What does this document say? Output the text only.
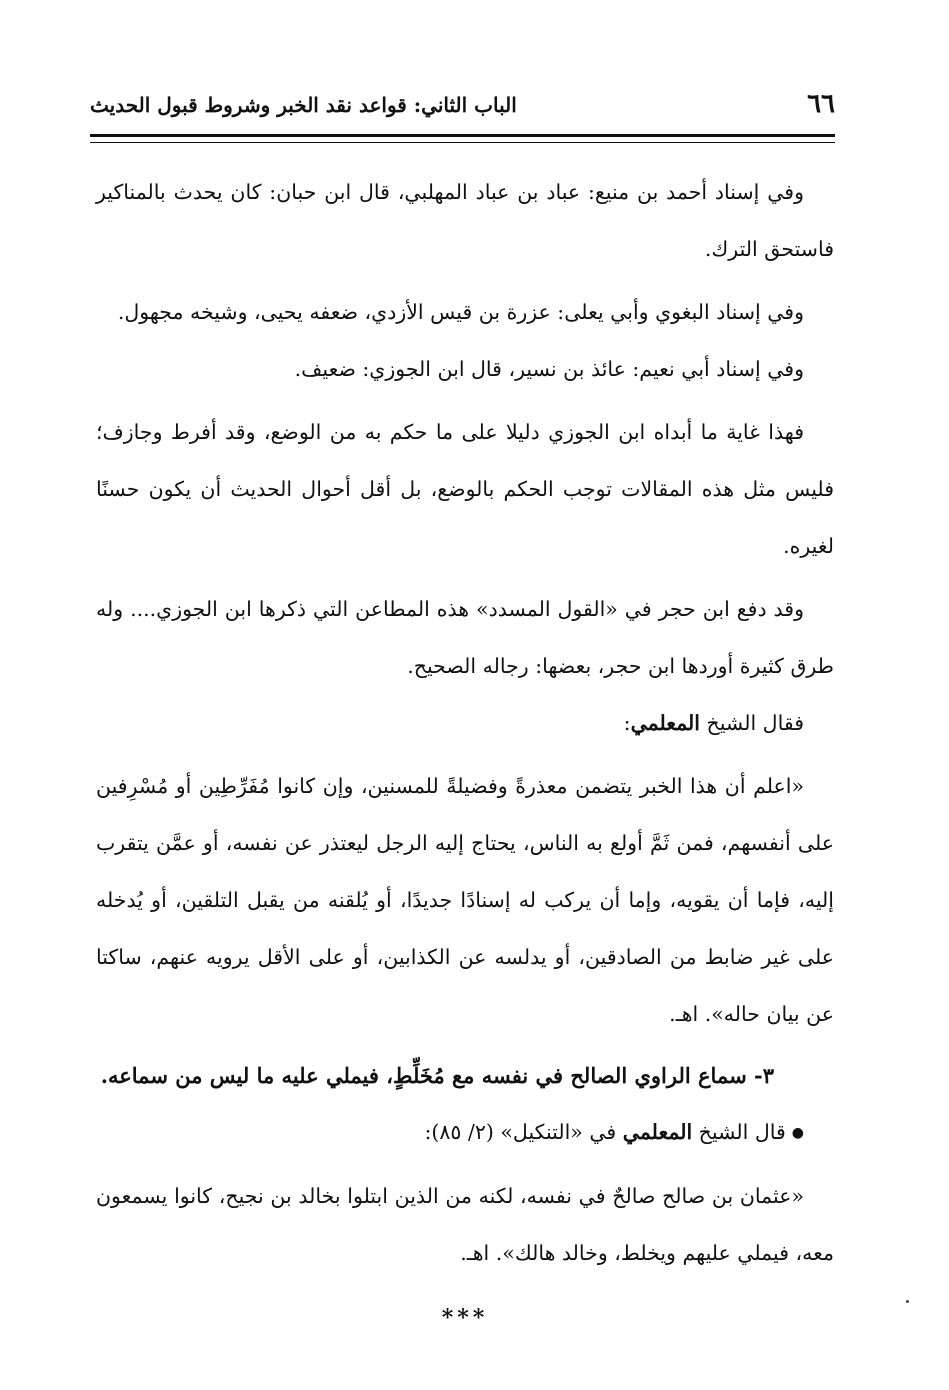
٦٦
الباب الثاني: قواعد نقد الخبر وشروط قبول الحديث

وفي إسناد أحمد بن منيع: عباد بن عباد المهلبي، قال ابن حبان: كان يحدث بالمناكير فاستحق الترك.

وفي إسناد البغوي وأبي يعلى: عزرة بن قيس الأزدي، ضعفه يحيى، وشيخه مجهول.

وفي إسناد أبي نعيم: عائذ بن نسير، قال ابن الجوزي: ضعيف.

فهذا غاية ما أبداه ابن الجوزي دليلا على ما حكم به من الوضع، وقد أفرط وجازف؛ فليس مثل هذه المقالات توجب الحكم بالوضع، بل أقل أحوال الحديث أن يكون حسنًا لغيره.

وقد دفع ابن حجر في «القول المسدد» هذه المطاعن التي ذكرها ابن الجوزي.... وله طرق كثيرة أوردها ابن حجر، بعضها: رجاله الصحيح.

فقال الشيخ المعلمي:

«اعلم أن هذا الخبر يتضمن معذرةً وفضيلةً للمسنين، وإن كانوا مُفَرِّطِين أو مُسْرِفين على أنفسهم، فمن ثَمَّ أولع به الناس، يحتاج إليه الرجل ليعتذر عن نفسه، أو عمَّن يتقرب إليه، فإما أن يقويه، وإما أن يركب له إسنادًا جديدًا، أو يُلقنه من يقبل التلقين، أو يُدخله على غير ضابط من الصادقين، أو يدلسه عن الكذابين، أو على الأقل يرويه عنهم، ساكتا عن بيان حاله». اهـ.

٣- سماع الراوي الصالح في نفسه مع مُخَلِّطٍ، فيملي عليه ما ليس من سماعه.

●قال الشيخ المعلمي في «التنكيل» (٢/ ٨٥):

«عثمان بن صالح صالحٌ في نفسه، لكنه من الذين ابتلوا بخالد بن نجيح، كانوا يسمعون معه، فيملي عليهم ويخلط، وخالد هالك». اهـ.

***
